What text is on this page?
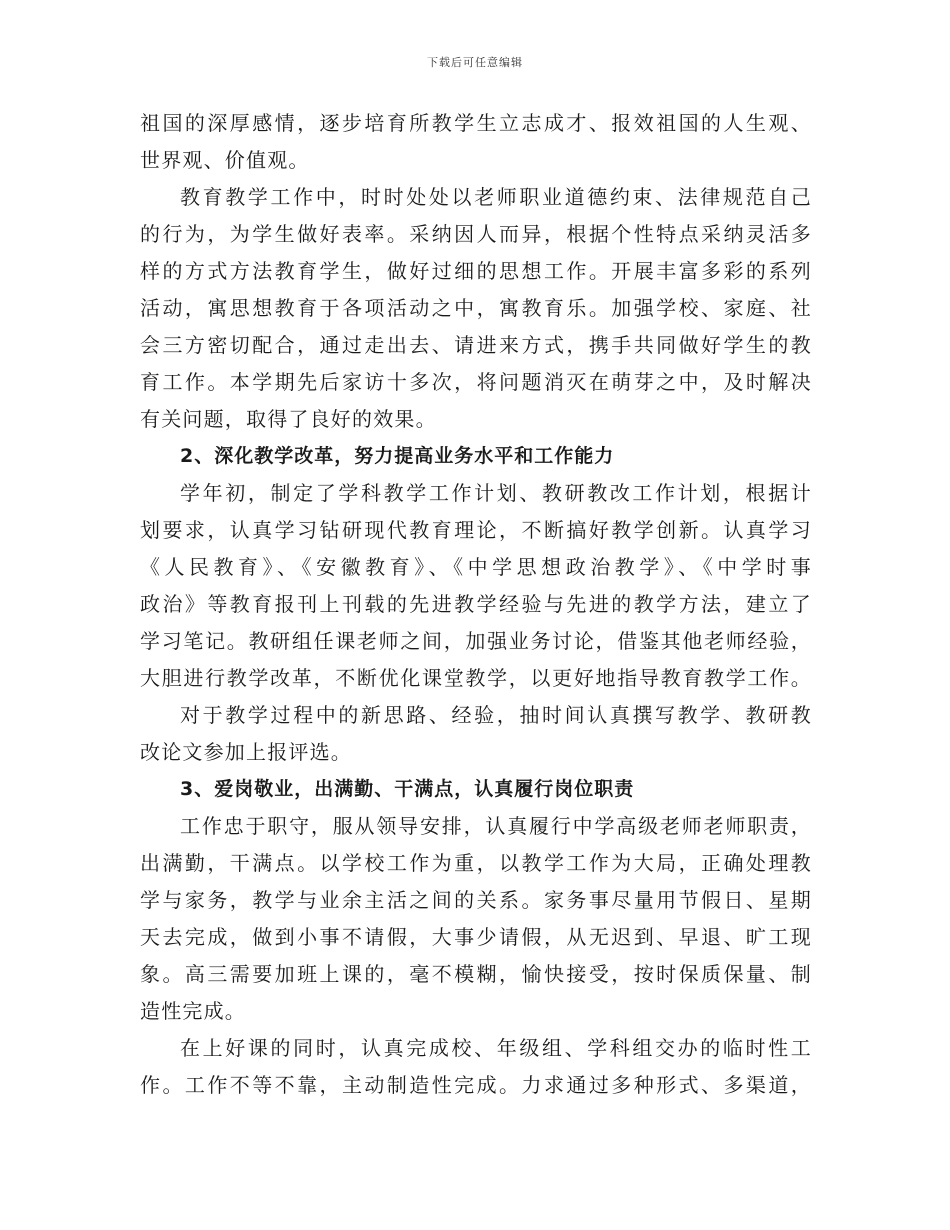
下载后可任意编辑
祖国的深厚感情，逐步培育所教学生立志成才、报效祖国的人生观、
世界观、价值观。
教育教学工作中，时时处处以老师职业道德约束、法律规范自己
的行为，为学生做好表率。采纳因人而异，根据个性特点采纳灵活多
样的方式方法教育学生，做好过细的思想工作。开展丰富多彩的系列
活动，寓思想教育于各项活动之中，寓教育乐。加强学校、家庭、社
会三方密切配合，通过走出去、请进来方式，携手共同做好学生的教
育工作。本学期先后家访十多次，将问题消灭在萌芽之中，及时解决
有关问题，取得了良好的效果。
2、深化教学改革，努力提高业务水平和工作能力
学年初，制定了学科教学工作计划、教研教改工作计划，根据计
划要求，认真学习钻研现代教育理论，不断搞好教学创新。认真学习
《人民教育》、《安徽教育》、《中学思想政治教学》、《中学时事
政治》等教育报刊上刊载的先进教学经验与先进的教学方法，建立了
学习笔记。教研组任课老师之间，加强业务讨论，借鉴其他老师经验，
大胆进行教学改革，不断优化课堂教学，以更好地指导教育教学工作。
对于教学过程中的新思路、经验，抽时间认真撰写教学、教研教
改论文参加上报评选。
3、爱岗敬业，出满勤、干满点，认真履行岗位职责
工作忠于职守，服从领导安排，认真履行中学高级老师老师职责，
出满勤，干满点。以学校工作为重，以教学工作为大局，正确处理教
学与家务，教学与业余主活之间的关系。家务事尽量用节假日、星期
天去完成，做到小事不请假，大事少请假，从无迟到、早退、旷工现
象。高三需要加班上课的，毫不模糊，愉快接受，按时保质保量、制
造性完成。
在上好课的同时，认真完成校、年级组、学科组交办的临时性工
作。工作不等不靠，主动制造性完成。力求通过多种形式、多渠道，
